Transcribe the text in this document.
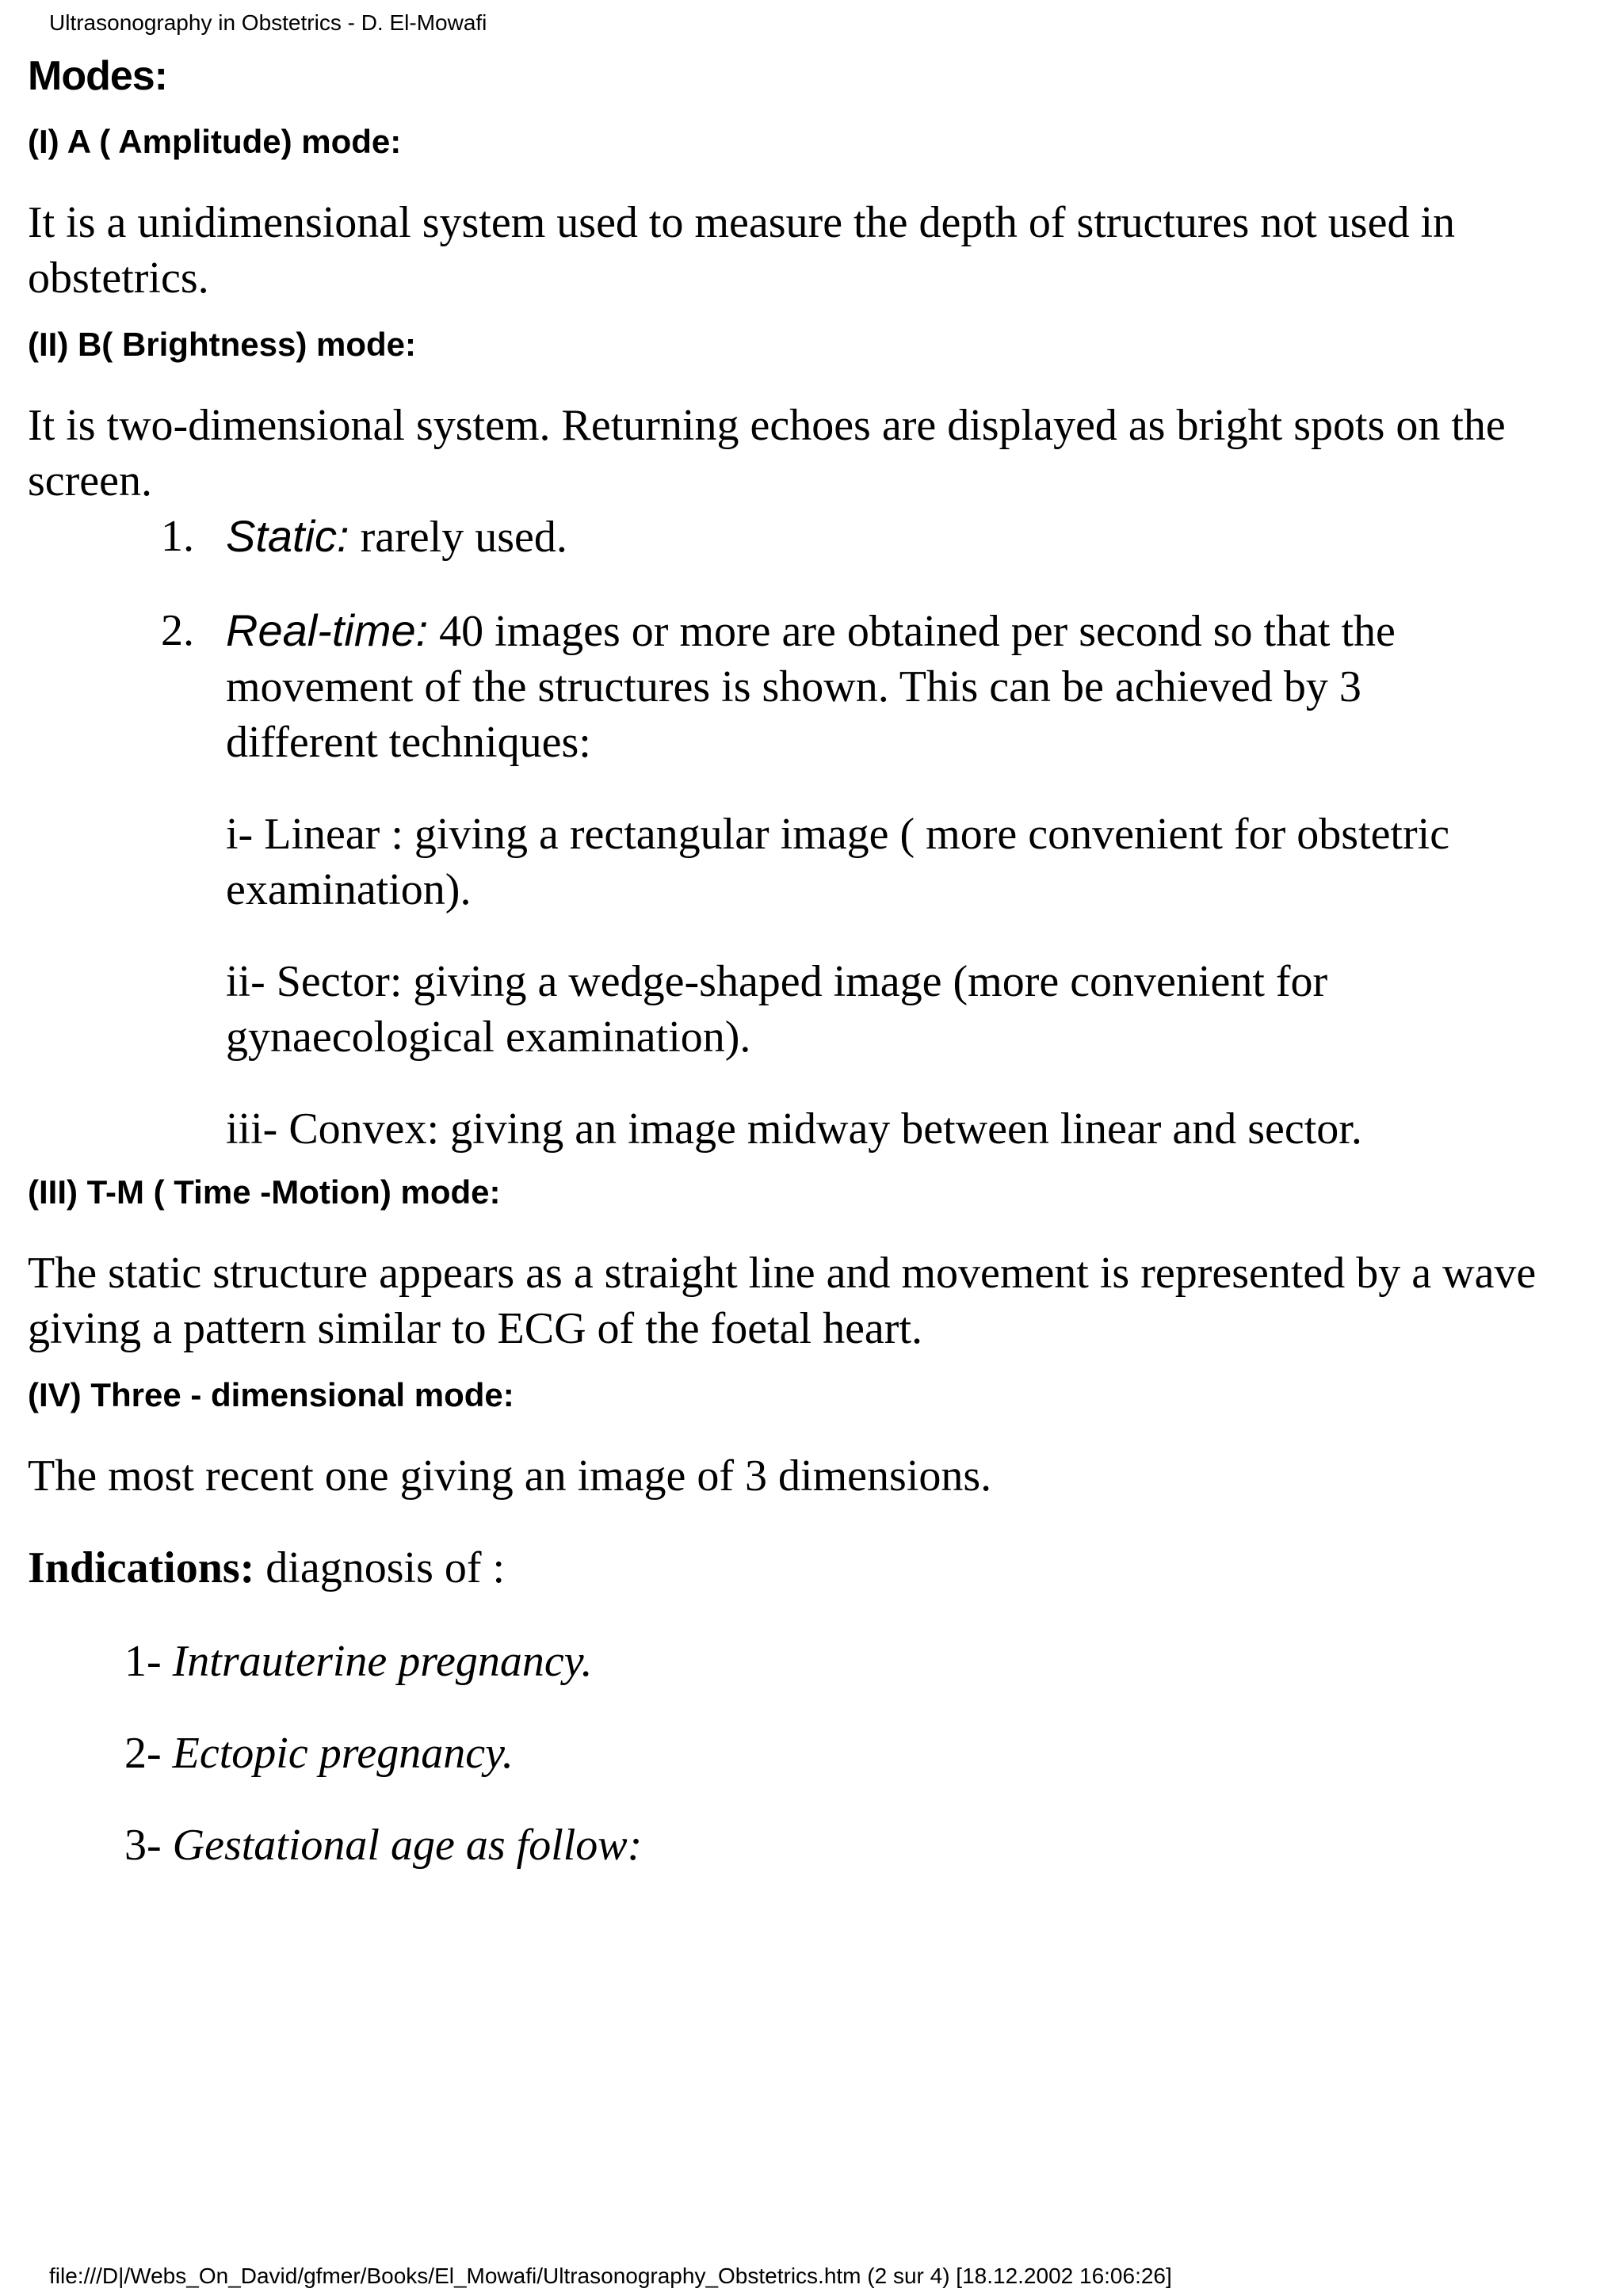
Ultrasonography in Obstetrics - D. El-Mowafi
Modes:
(I) A ( Amplitude) mode:

It is a unidimensional system used to measure the depth of structures not used in obstetrics.

(II) B( Brightness) mode:

It is two-dimensional system. Returning echoes are displayed as bright spots on the screen.

1. Static: rarely used.
2. Real-time: 40 images or more are obtained per second so that the movement of the structures is shown. This can be achieved by 3 different techniques:

i- Linear : giving a rectangular image ( more convenient for obstetric examination).

ii- Sector: giving a wedge-shaped image (more convenient for gynaecological examination).

iii- Convex: giving an image midway between linear and sector.

(III) T-M ( Time -Motion) mode:

The static structure appears as a straight line and movement is represented by a wave giving a pattern similar to ECG of the foetal heart.

(IV) Three - dimensional mode:

The most recent one giving an image of 3 dimensions.

Indications: diagnosis of :

1- Intrauterine pregnancy.
2- Ectopic pregnancy.
3- Gestational age as follow:
file:///D|/Webs_On_David/gfmer/Books/El_Mowafi/Ultrasonography_Obstetrics.htm (2 sur 4) [18.12.2002 16:06:26]
